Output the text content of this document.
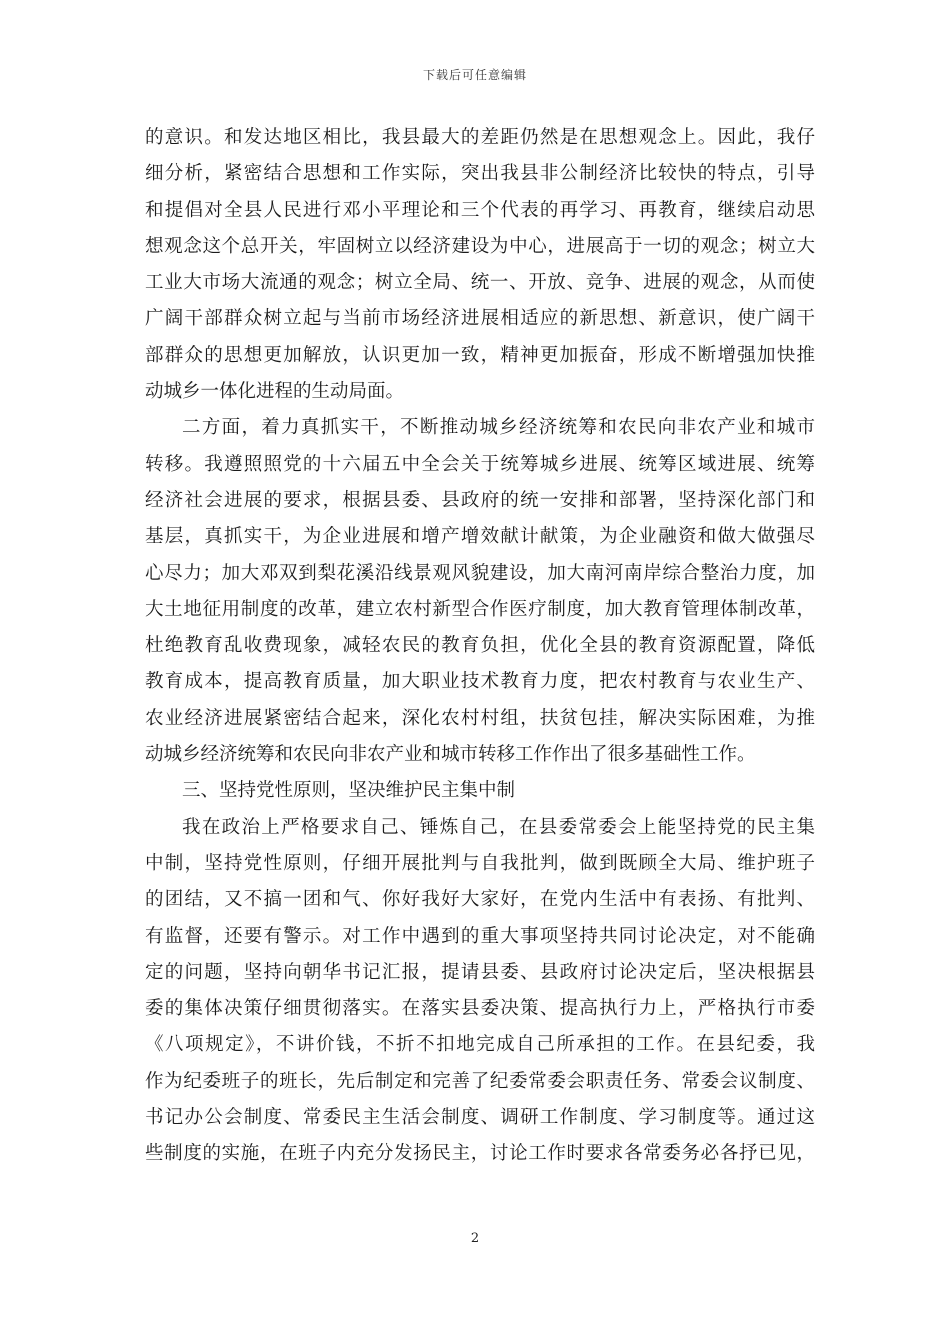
下载后可任意编辑
的意识。和发达地区相比，我县最大的差距仍然是在思想观念上。因此，我仔
细分析，紧密结合思想和工作实际，突出我县非公制经济比较快的特点，引导
和提倡对全县人民进行邓小平理论和三个代表的再学习、再教育，继续启动思
想观念这个总开关，牢固树立以经济建设为中心，进展高于一切的观念；树立大
工业大市场大流通的观念；树立全局、统一、开放、竞争、进展的观念，从而使
广阔干部群众树立起与当前市场经济进展相适应的新思想、新意识，使广阔干
部群众的思想更加解放，认识更加一致，精神更加振奋，形成不断增强加快推
动城乡一体化进程的生动局面。
二方面，着力真抓实干，不断推动城乡经济统筹和农民向非农产业和城市
转移。我遵照照党的十六届五中全会关于统筹城乡进展、统筹区域进展、统筹
经济社会进展的要求，根据县委、县政府的统一安排和部署，坚持深化部门和
基层，真抓实干，为企业进展和增产增效献计献策，为企业融资和做大做强尽
心尽力；加大邓双到梨花溪沿线景观风貌建设，加大南河南岸综合整治力度，加
大土地征用制度的改革，建立农村新型合作医疗制度，加大教育管理体制改革，
杜绝教育乱收费现象，减轻农民的教育负担，优化全县的教育资源配置，降低
教育成本，提高教育质量，加大职业技术教育力度，把农村教育与农业生产、
农业经济进展紧密结合起来，深化农村村组，扶贫包挂，解决实际困难，为推
动城乡经济统筹和农民向非农产业和城市转移工作作出了很多基础性工作。
三、坚持党性原则，坚决维护民主集中制
我在政治上严格要求自己、锤炼自己，在县委常委会上能坚持党的民主集
中制，坚持党性原则，仔细开展批判与自我批判，做到既顾全大局、维护班子
的团结，又不搞一团和气、你好我好大家好，在党内生活中有表扬、有批判、
有监督，还要有警示。对工作中遇到的重大事项坚持共同讨论决定，对不能确
定的问题，坚持向朝华书记汇报，提请县委、县政府讨论决定后，坚决根据县
委的集体决策仔细贯彻落实。在落实县委决策、提高执行力上，严格执行市委
《八项规定》，不讲价钱，不折不扣地完成自己所承担的工作。在县纪委，我
作为纪委班子的班长，先后制定和完善了纪委常委会职责任务、常委会议制度、
书记办公会制度、常委民主生活会制度、调研工作制度、学习制度等。通过这
些制度的实施，在班子内充分发扬民主，讨论工作时要求各常委务必各抒已见，
2
